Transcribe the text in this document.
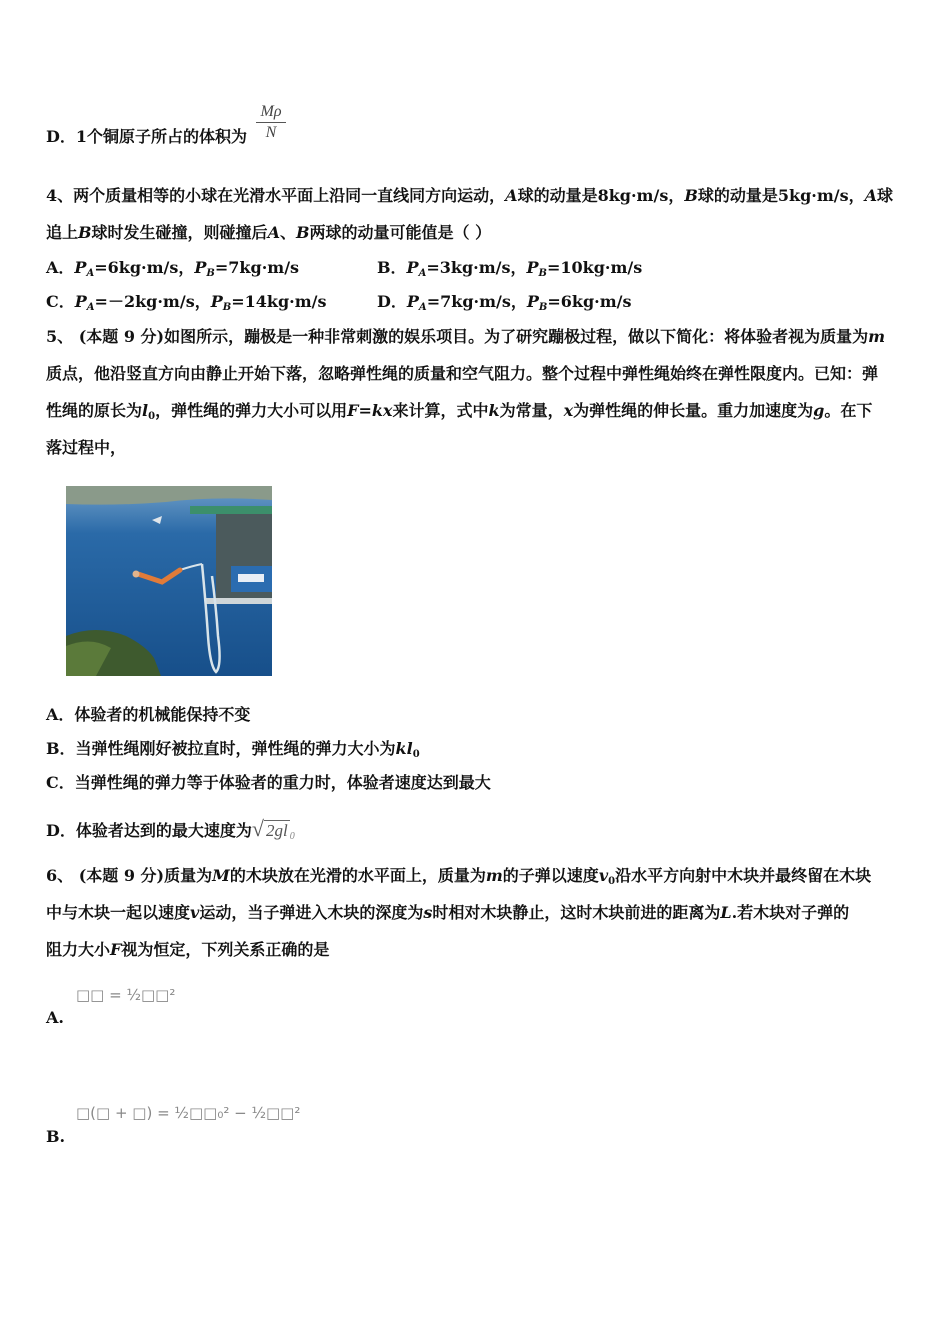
D．1个铜原子所占的体积为
Mρ
N
4、两个质量相等的小球在光滑水平面上沿同一直线同方向运动，A球的动量是8kg·m/s，B球的动量是5kg·m/s，A球
追上B球时发生碰撞，则碰撞后A、B两球的动量可能值是（ ）
A．$P_A=6kg\cdot m/s$，$P_B=7kg\cdot m/s$	B．$P_A=3kg\cdot m/s$，$P_B=10kg\cdot m/s$
C．$P_A=-2kg\cdot m/s$，$P_B=14kg\cdot m/s$	D．$P_A=7kg\cdot m/s$，$P_B=6kg\cdot m/s$
5、 (本题 9 分)如图所示，蹦极是一种非常刺激的娱乐项目。为了研究蹦极过程，做以下简化：将体验者视为质量为m
质点，他沿竖直方向由静止开始下落，忽略弹性绳的质量和空气阻力。整个过程中弹性绳始终在弹性限度内。已知：弹
性绳的原长为$l_0$，弹性绳的弹力大小可以用F=kx来计算，式中k为常量，x为弹性绳的伸长量。重力加速度为g。在下
落过程中，
A．体验者的机械能保持不变
B．当弹性绳刚好被拉直时，弹性绳的弹力大小为$kl_0$
C．当弹性绳的弹力等于体验者的重力时，体验者速度达到最大
D．体验者达到的最大速度为√ 2gl $_0$
6、 (本题 9 分)质量为M的木块放在光滑的水平面上，质量为m的子弹以速度$v_0$沿水平方向射中木块并最终留在木块
中与木块一起以速度v运动，当子弹进入木块的深度为s时相对木块静止，这时木块前进的距离为L.若木块对子弹的
阻力大小F视为恒定，下列关系正确的是
□□ = ½□□²
A.
□(□ + □) = ½□□₀² − ½□□²
B.
